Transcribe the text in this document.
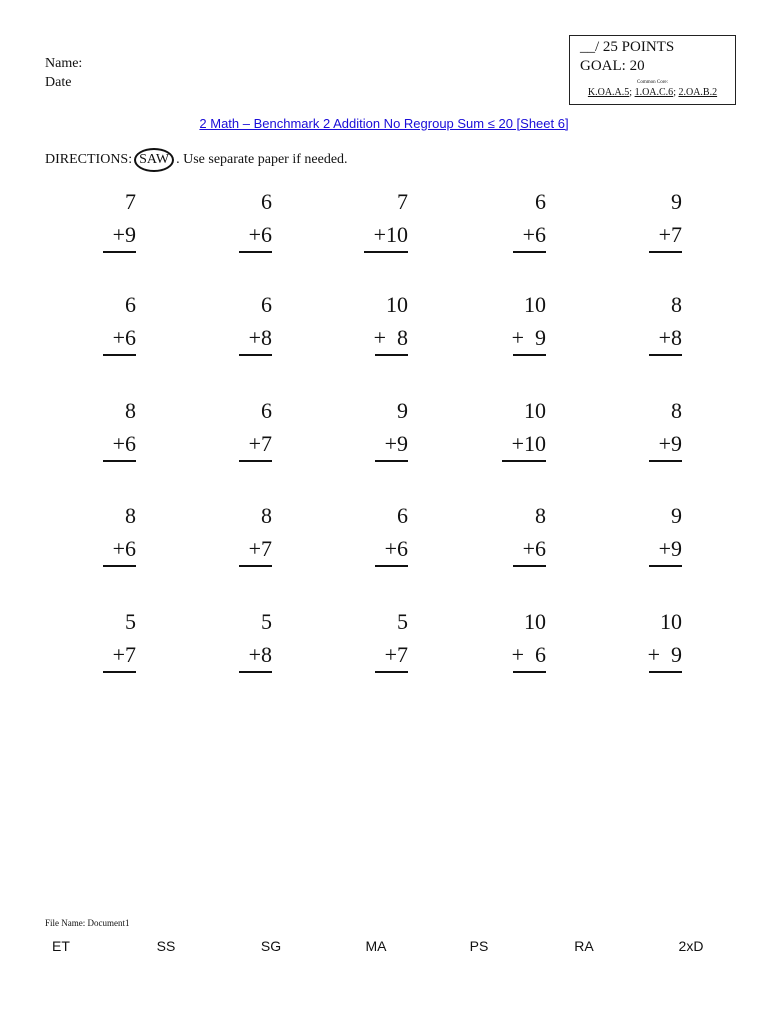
Name:
Date
__/ 25 POINTS
GOAL: 20
Common Core:
K.OA.A.5; 1.OA.C.6; 2.OA.B.2
2 Math – Benchmark 2 Addition No Regroup Sum ≤ 20 [Sheet 6]
DIRECTIONS: SAW . Use separate paper if needed.
7
+9
6
+6
7
+10
6
+6
9
+7
6
+6
6
+8
10
+  8
10
+  9
8
+8
8
+6
6
+7
9
+9
10
+10
8
+9
8
+6
8
+7
6
+6
8
+6
9
+9
5
+7
5
+8
5
+7
10
+  6
10
+  9
File Name: Document1
ET	SS	SG	MA	PS	RA	2xD
